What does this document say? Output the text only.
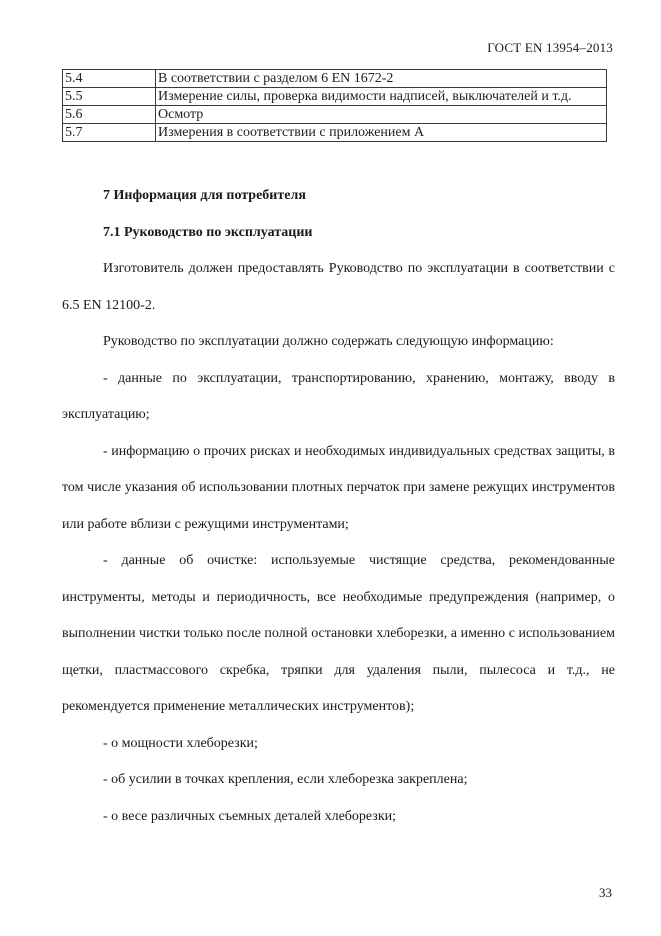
ГОСТ EN 13954–2013
5.4	В соответствии с разделом 6 EN 1672-2
5.5	Измерение силы, проверка видимости надписей, выключателей и т.д.
5.6	Осмотр
5.7	Измерения в соответствии с приложением А

7 Информация для потребителя

7.1 Руководство по эксплуатации

Изготовитель должен предоставлять Руководство по эксплуатации в соответствии с 6.5 EN 12100-2.

Руководство по эксплуатации должно содержать следующую информацию:

- данные по эксплуатации, транспортированию, хранению, монтажу, вводу в эксплуатацию;

- информацию о прочих рисках и необходимых индивидуальных средствах защиты, в том числе указания об использовании плотных перчаток при замене режущих инструментов или работе вблизи с режущими инструментами;

- данные об очистке: используемые чистящие средства, рекомендованные инструменты, методы и периодичность, все необходимые предупреждения (например, о выполнении чистки только после полной остановки хлеборезки, а именно с использованием щетки, пластмассового скребка, тряпки для удаления пыли, пылесоса и т.д., не рекомендуется применение металлических инструментов);

- о мощности хлеборезки;

- об усилии в точках крепления, если хлеборезка закреплена;

- о весе различных съемных деталей хлеборезки;

33
